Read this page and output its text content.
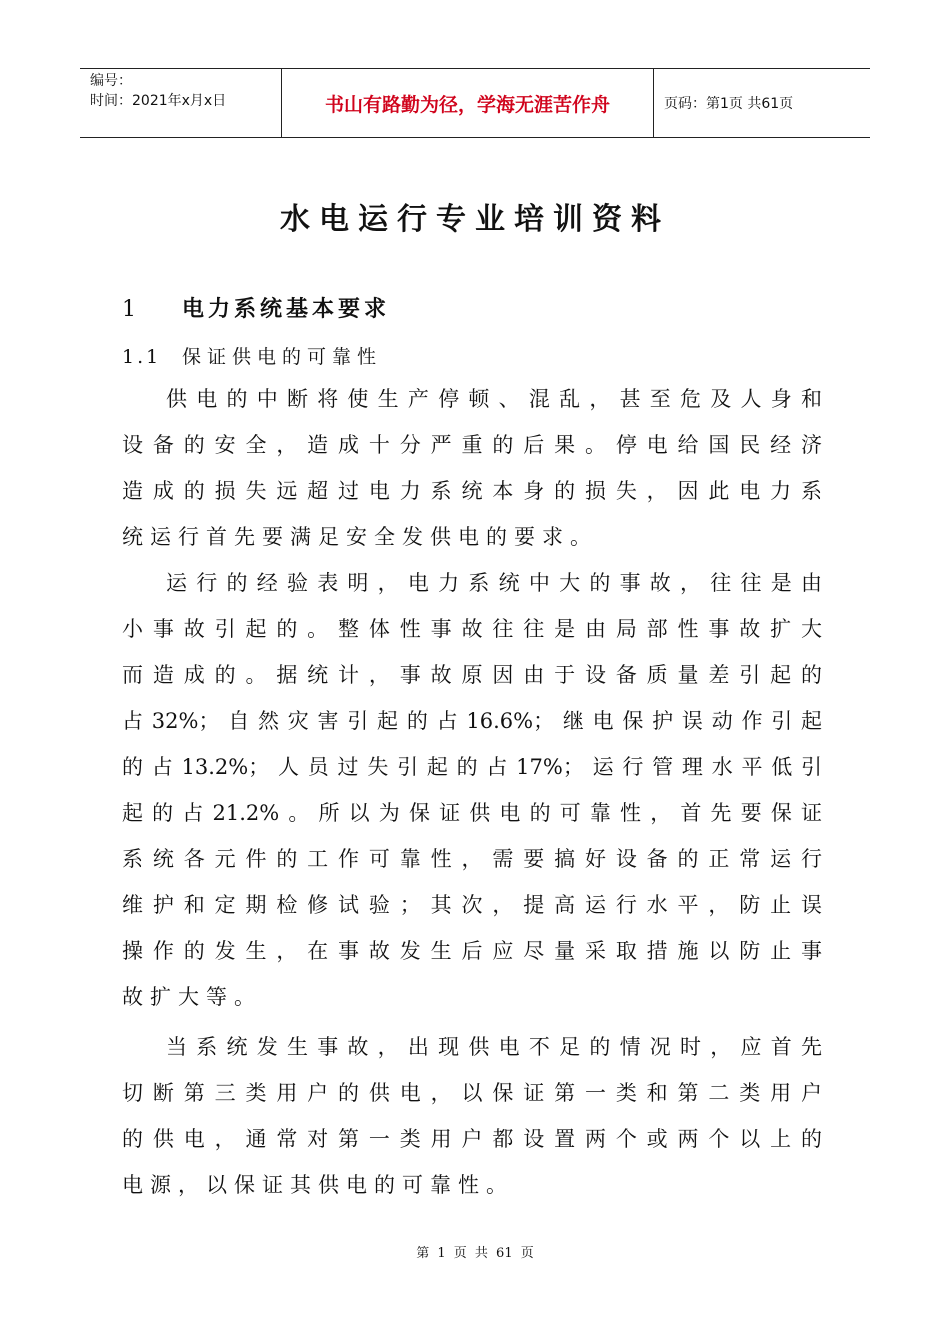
编号：
时间：2021年x月x日	书山有路勤为径，学海无涯苦作舟	页码：第1页 共61页
水电运行专业培训资料
1 电力系统基本要求
1.1 保证供电的可靠性
供电的中断将使生产停顿、混乱，甚至危及人身和
设备的安全，造成十分严重的后果。停电给国民经济
造成的损失远超过电力系统本身的损失，因此电力系
统运行首先要满足安全发供电的要求。
运行的经验表明，电力系统中大的事故，往往是由
小事故引起的。整体性事故往往是由局部性事故扩大
而造成的。据统计，事故原因由于设备质量差引起的
占32%；自然灾害引起的占16.6%；继电保护误动作引起
的占13.2%；人员过失引起的占17%；运行管理水平低引
起的占21.2%。所以为保证供电的可靠性，首先要保证
系统各元件的工作可靠性，需要搞好设备的正常运行
维护和定期检修试验；其次，提高运行水平，防止误
操作的发生，在事故发生后应尽量采取措施以防止事
故扩大等。
当系统发生事故，出现供电不足的情况时，应首先
切断第三类用户的供电，以保证第一类和第二类用户
的供电，通常对第一类用户都设置两个或两个以上的
电源，以保证其供电的可靠性。
第 1 页 共 61 页
